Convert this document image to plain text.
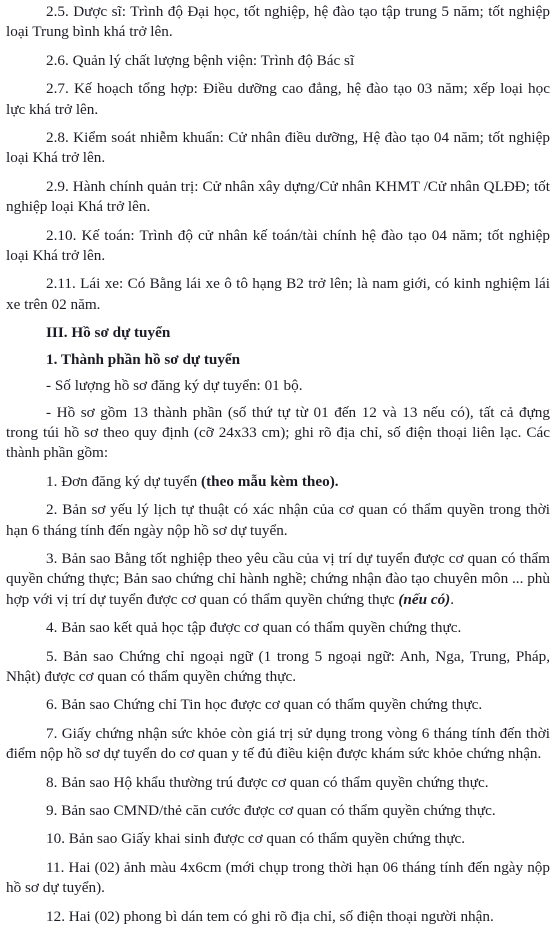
2.5. Dược sĩ: Trình độ Đại học, tốt nghiệp, hệ đào tạo tập trung 5 năm; tốt nghiệp loại Trung bình khá trở lên.

2.6. Quản lý chất lượng bệnh viện: Trình độ Bác sĩ

2.7. Kế hoạch tổng hợp: Điều dưỡng cao đẳng, hệ đào tạo 03 năm; xếp loại học lực khá trở lên.

2.8. Kiểm soát nhiễm khuẩn: Cử nhân điều dưỡng, Hệ đào tạo 04 năm; tốt nghiệp loại Khá trở lên.

2.9. Hành chính quản trị: Cử nhân xây dựng/Cử nhân KHMT /Cử nhân QLĐĐ; tốt nghiệp loại Khá trở lên.

2.10. Kế toán: Trình độ cử nhân kế toán/tài chính hệ đào tạo 04 năm; tốt nghiệp loại Khá trở lên.

2.11. Lái xe: Có Bằng lái xe ô tô hạng B2 trở lên; là nam giới, có kinh nghiệm lái xe trên 02 năm.

III. Hồ sơ dự tuyển

1. Thành phần hồ sơ dự tuyển

- Số lượng hồ sơ đăng ký dự tuyển: 01 bộ.

- Hồ sơ gồm 13 thành phần (số thứ tự từ 01 đến 12 và 13 nếu có), tất cả đựng trong túi hồ sơ theo quy định (cỡ 24x33 cm); ghi rõ địa chỉ, số điện thoại liên lạc. Các thành phần gồm:

1. Đơn đăng ký dự tuyển (theo mẫu kèm theo).

2. Bản sơ yếu lý lịch tự thuật có xác nhận của cơ quan có thẩm quyền trong thời hạn 6 tháng tính đến ngày nộp hồ sơ dự tuyển.

3. Bản sao Bằng tốt nghiệp theo yêu cầu của vị trí dự tuyển được cơ quan có thẩm quyền chứng thực; Bản sao chứng chỉ hành nghề; chứng nhận đào tạo chuyên môn ... phù hợp với vị trí dự tuyển được cơ quan có thẩm quyền chứng thực (nếu có).

4. Bản sao kết quả học tập được cơ quan có thẩm quyền chứng thực.

5. Bản sao Chứng chỉ ngoại ngữ (1 trong 5 ngoại ngữ: Anh, Nga, Trung, Pháp, Nhật) được cơ quan có thẩm quyền chứng thực.

6. Bản sao Chứng chỉ Tin học được cơ quan có thẩm quyền chứng thực.

7. Giấy chứng nhận sức khỏe còn giá trị sử dụng trong vòng 6 tháng tính đến thời điểm nộp hồ sơ dự tuyển do cơ quan y tế đủ điều kiện được khám sức khỏe chứng nhận.

8. Bản sao Hộ khẩu thường trú được cơ quan có thẩm quyền chứng thực.

9. Bản sao CMND/thẻ căn cước được cơ quan có thẩm quyền chứng thực.

10. Bản sao Giấy khai sinh được cơ quan có thẩm quyền chứng thực.

11. Hai (02) ảnh màu 4x6cm (mới chụp trong thời hạn 06 tháng tính đến ngày nộp hồ sơ dự tuyển).

12. Hai (02) phong bì dán tem có ghi rõ địa chỉ, số điện thoại người nhận.
